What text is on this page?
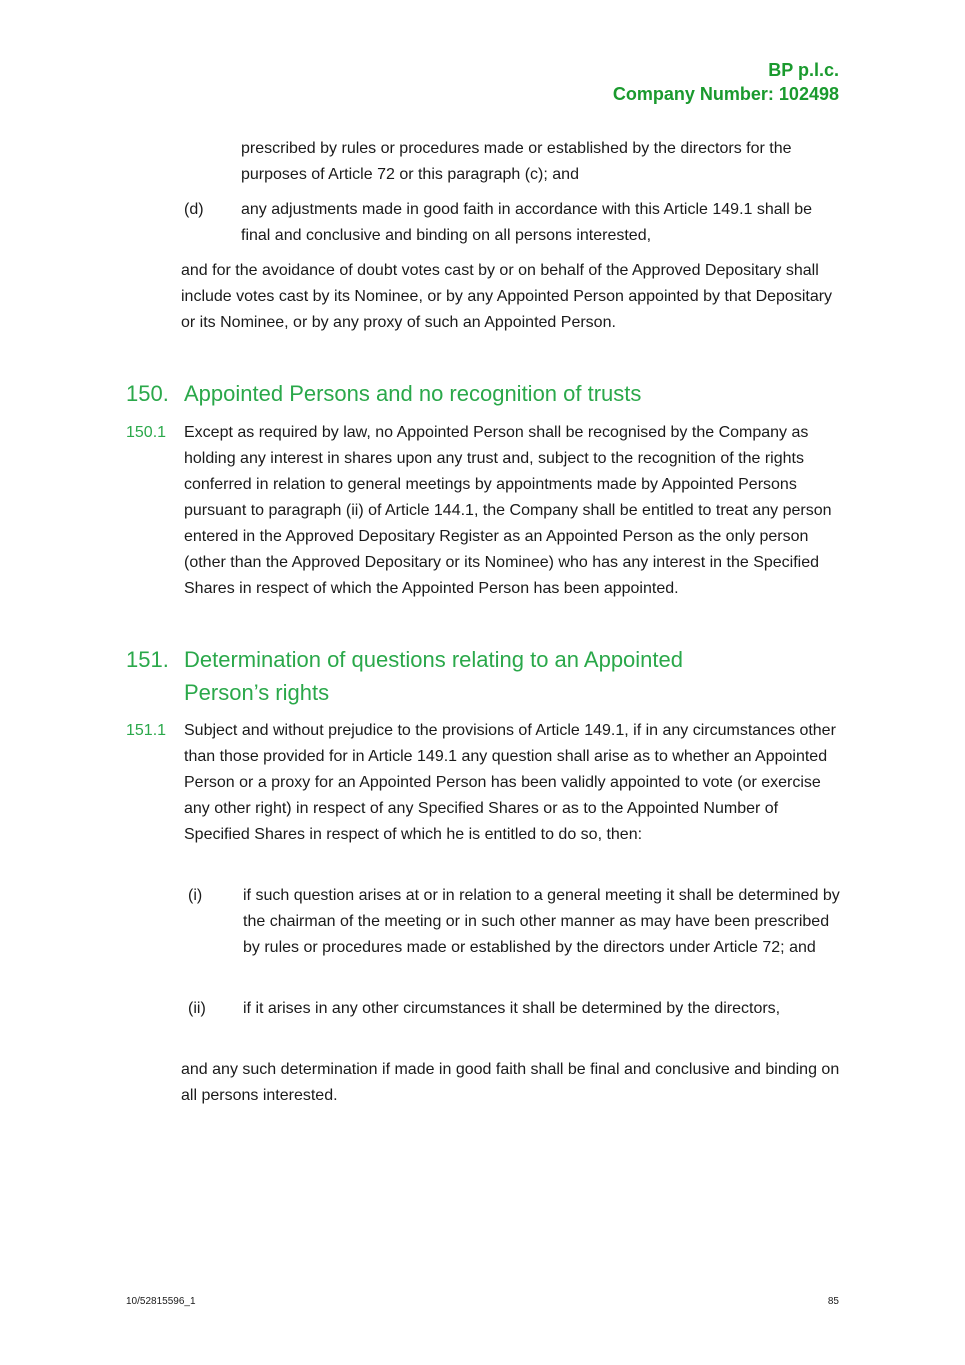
BP p.l.c.
Company Number: 102498
prescribed by rules or procedures made or established by the directors for the purposes of Article 72 or this paragraph (c); and
(d) any adjustments made in good faith in accordance with this Article 149.1 shall be final and conclusive and binding on all persons interested,
and for the avoidance of doubt votes cast by or on behalf of the Approved Depositary shall include votes cast by its Nominee, or by any Appointed Person appointed by that Depositary or its Nominee, or by any proxy of such an Appointed Person.
150. Appointed Persons and no recognition of trusts
150.1 Except as required by law, no Appointed Person shall be recognised by the Company as holding any interest in shares upon any trust and, subject to the recognition of the rights conferred in relation to general meetings by appointments made by Appointed Persons pursuant to paragraph (ii) of Article 144.1, the Company shall be entitled to treat any person entered in the Approved Depositary Register as an Appointed Person as the only person (other than the Approved Depositary or its Nominee) who has any interest in the Specified Shares in respect of which the Appointed Person has been appointed.
151. Determination of questions relating to an Appointed Person’s rights
151.1 Subject and without prejudice to the provisions of Article 149.1, if in any circumstances other than those provided for in Article 149.1 any question shall arise as to whether an Appointed Person or a proxy for an Appointed Person has been validly appointed to vote (or exercise any other right) in respect of any Specified Shares or as to the Appointed Number of Specified Shares in respect of which he is entitled to do so, then:
(i)	if such question arises at or in relation to a general meeting it shall be determined by the chairman of the meeting or in such other manner as may have been prescribed by rules or procedures made or established by the directors under Article 72; and
(ii) if it arises in any other circumstances it shall be determined by the directors,
and any such determination if made in good faith shall be final and conclusive and binding on all persons interested.
10/52815596_1	85
